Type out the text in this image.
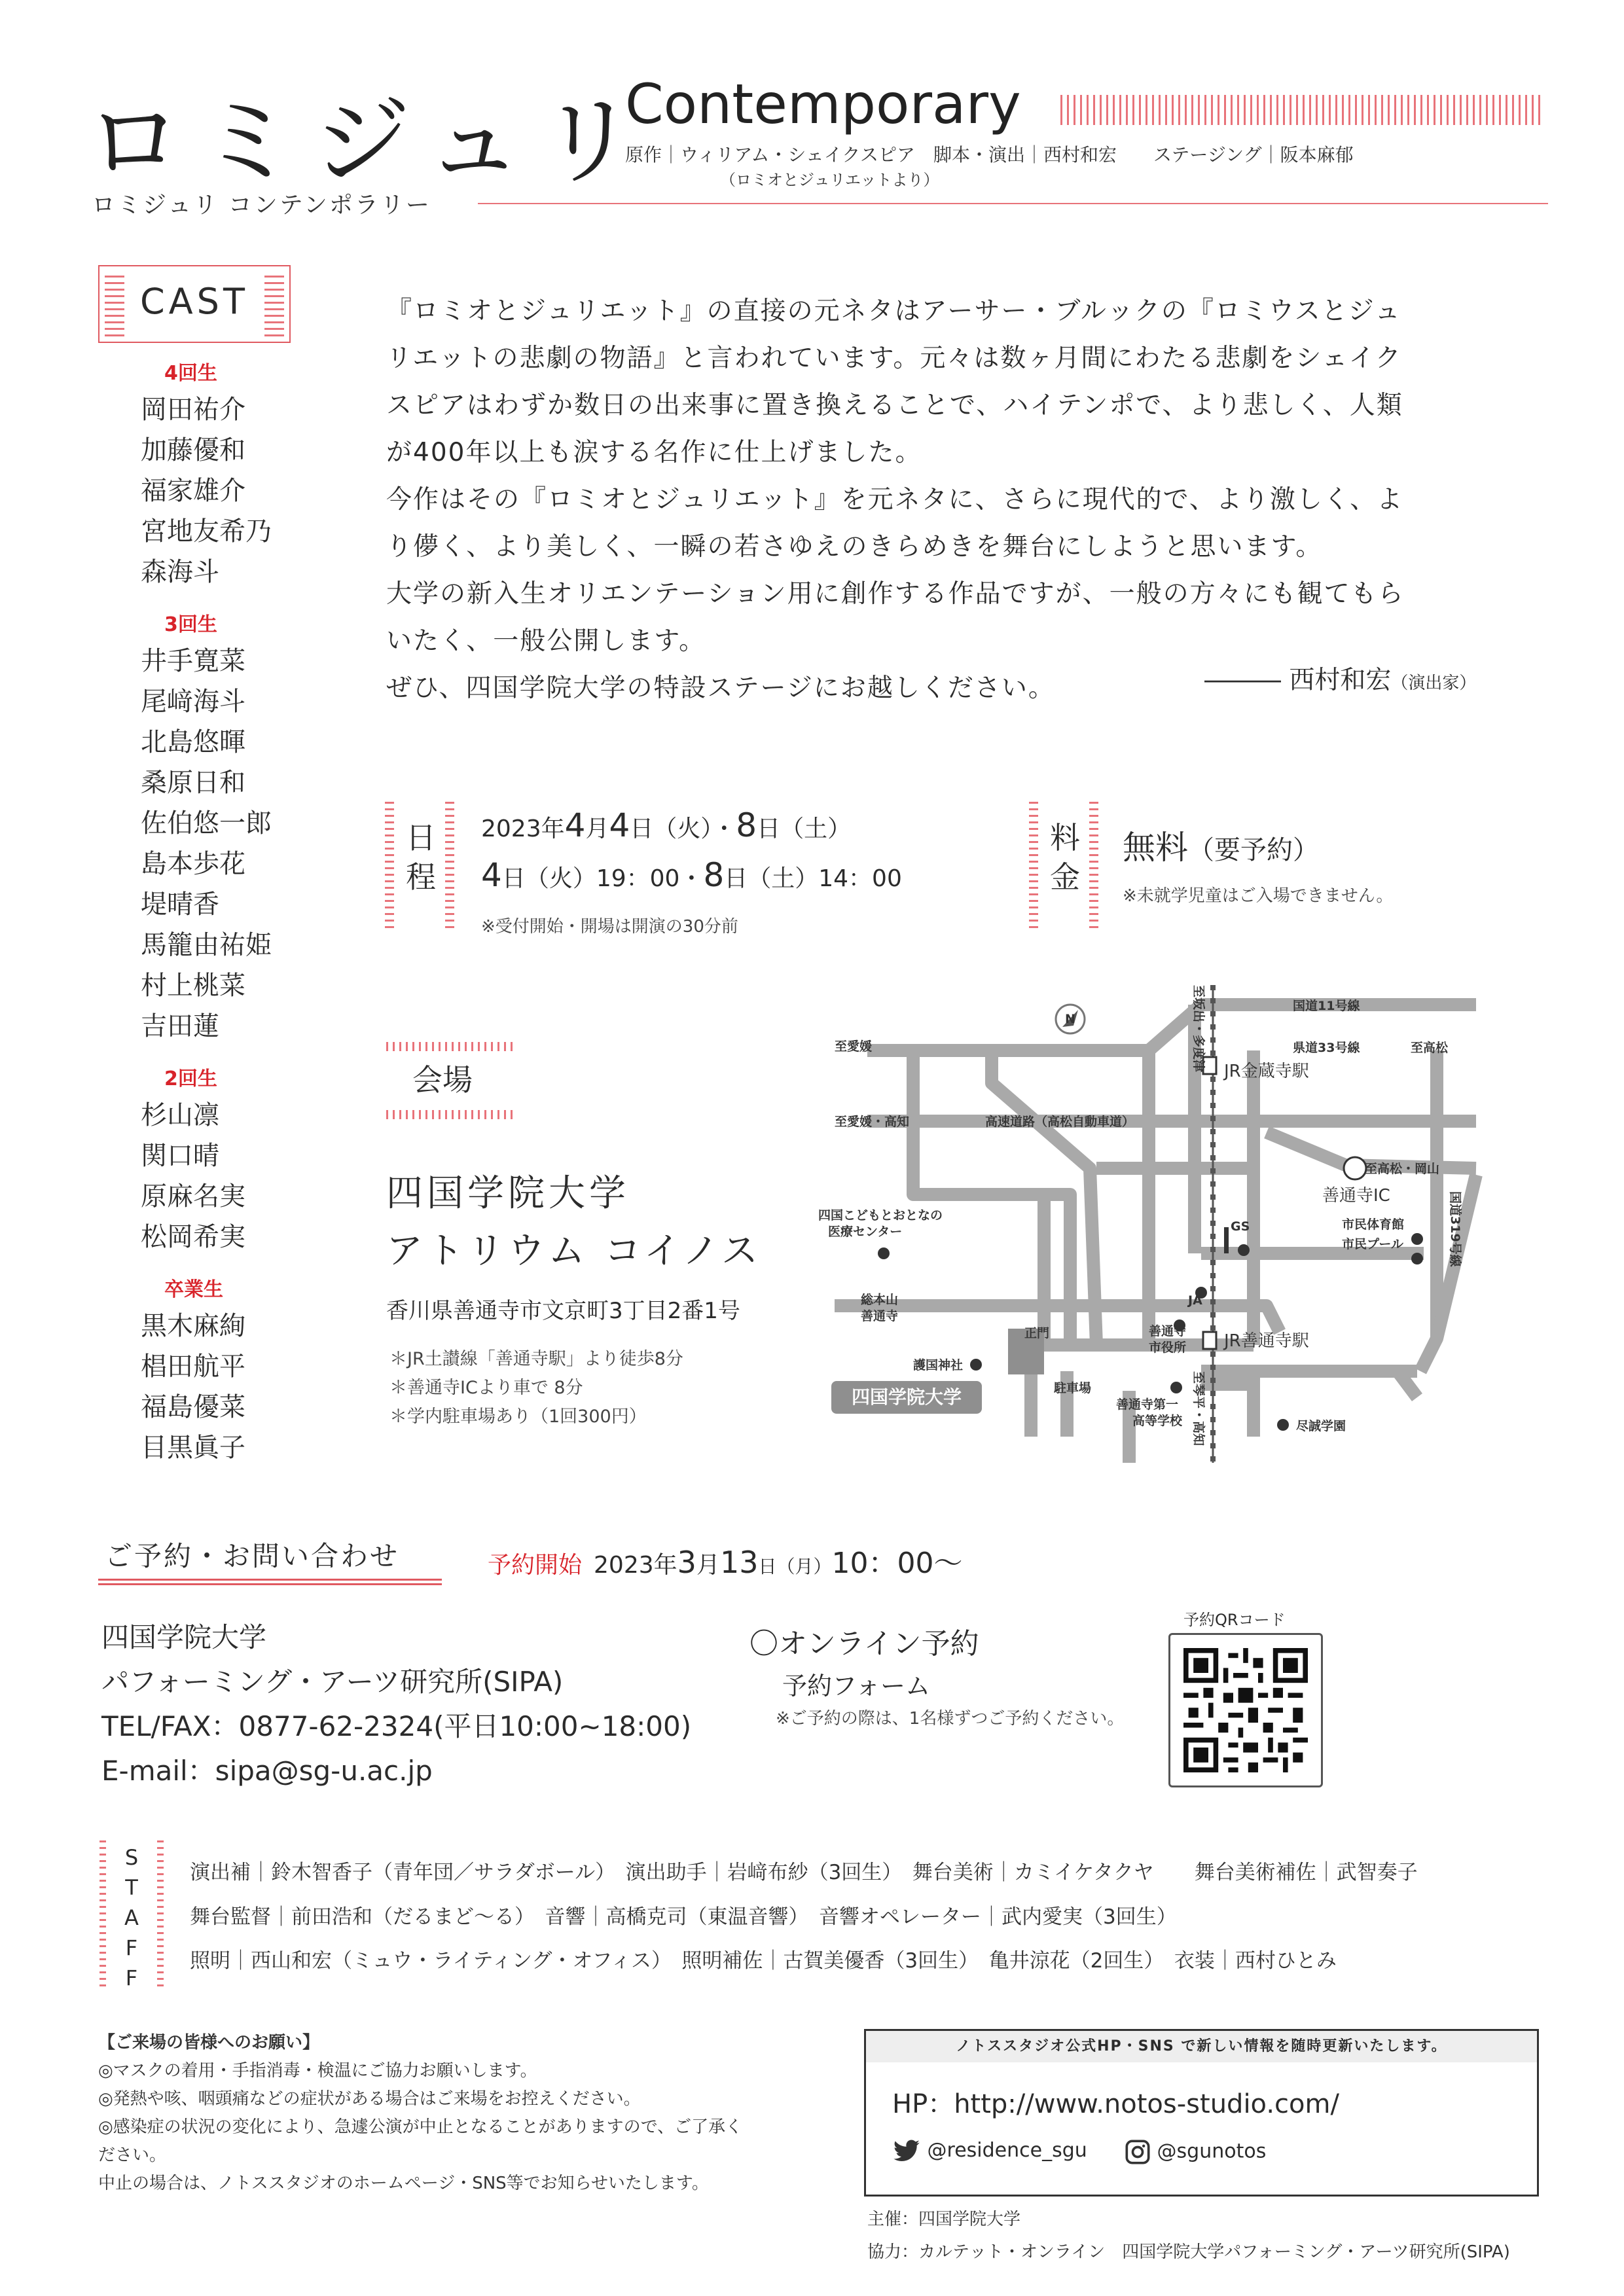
ロミジュリ
Contemporary
原作｜ウィリアム・シェイクスピア　脚本・演出｜西村和宏　　ステージング｜阪本麻郁
（ロミオとジュリエットより）
ロミジュリ コンテンポラリー
CAST
4回生
岡田祐介
加藤優和
福家雄介
宮地友希乃
森海斗
3回生
井手寛菜
尾﨑海斗
北島悠暉
桑原日和
佐伯悠一郎
島本歩花
堤晴香
馬籠由祐姫
村上桃菜
吉田蓮
2回生
杉山凛
関口晴
原麻名実
松岡希実
卒業生
黒木麻絢
椙田航平
福島優菜
目黒眞子

『ロミオとジュリエット』の直接の元ネタはアーサー・ブルックの『ロミウスとジュ

リエットの悲劇の物語』と言われています。元々は数ヶ月間にわたる悲劇をシェイク

スピアはわずか数日の出来事に置き換えることで、ハイテンポで、より悲しく、人類

が400年以上も涙する名作に仕上げました。

今作はその『ロミオとジュリエット』を元ネタに、さらに現代的で、より激しく、よ

り儚く、より美しく、一瞬の若さゆえのきらめきを舞台にしようと思います。

大学の新入生オリエンテーション用に創作する作品ですが、一般の方々にも観てもら

いたく、一般公開します。

ぜひ、四国学院大学の特設ステージにお越しください。	――― 西村和宏（演出家）
日
程
2023年4月4日（火）・8日（土）
4日（火）19：00・8日（土）14：00
※受付開始・開場は開演の30分前
料
金
無料（要予約）
※未就学児童はご入場できません。
会場
四国学院大学
アトリウム コイノス
香川県善通寺市文京町3丁目2番1号
＊JR土讃線「善通寺駅」より徒歩8分
＊善通寺ICより車で 8分
＊学内駐車場あり（1回300円）
N
至愛媛
至愛媛・高知	高速道路（高松自動車道）
国道11号線
県道33号線	至高松
JR金蔵寺駅
至高松・岡山
善通寺IC
市民体育館
市民プール
GS
四国こどもとおとなの
医療センター
総本山
善通寺
JA
善通寺
市役所 JR善通寺駅
正門
護国神社
駐車場
善通寺第一
高等学校	尽誠学園
四国学院大学
至坂出・多度津
至琴平・高知
国道319号線
ご予約・お問い合わせ	予約開始 2023年3月13日（月）10：00～
四国学院大学
パフォーミング・アーツ研究所(SIPA)
TEL/FAX：0877-62-2324(平日10:00~18:00)
E-mail：sipa@sg-u.ac.jp
〇オンライン予約
予約フォーム
※ご予約の際は、1名様ずつご予約ください。
予約QRコード
S
T
A
F
F
演出補｜鈴木智香子（青年団／サラダボール）　演出助手｜岩﨑布紗（3回生）　舞台美術｜カミイケタクヤ　　舞台美術補佐｜武智奏子
舞台監督｜前田浩和（だるまど～る）　音響｜高橋克司（東温音響）　音響オペレーター｜武内愛実（3回生）
照明｜西山和宏（ミュウ・ライティング・オフィス）　照明補佐｜古賀美優香（3回生）　亀井涼花（2回生）　衣装｜西村ひとみ
【ご来場の皆様へのお願い】
◎マスクの着用・手指消毒・検温にご協力お願いします。
◎発熱や咳、咽頭痛などの症状がある場合はご来場をお控えください。
◎感染症の状況の変化により、急遽公演が中止となることがありますので、ご了承く
ださい。
中止の場合は、ノトススタジオのホームページ・SNS等でお知らせいたします。
ノトススタジオ公式HP・SNS で新しい情報を随時更新いたします。
HP：http://www.notos-studio.com/
@residence_sgu	@sgunotos
主催：四国学院大学
協力：カルテット・オンライン　四国学院大学パフォーミング・アーツ研究所(SIPA)
